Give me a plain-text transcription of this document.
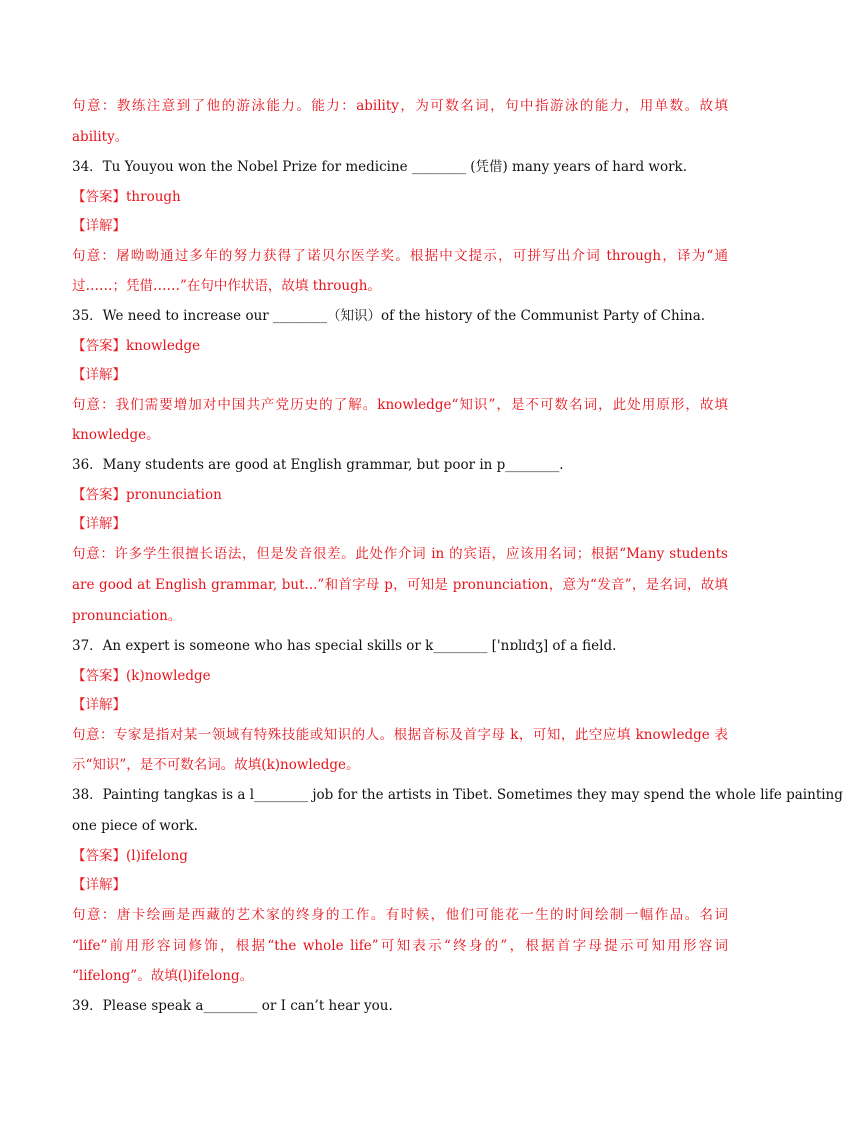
句意：教练注意到了他的游泳能力。能力：ability，为可数名词，句中指游泳的能力，用单数。故填
ability。
34．Tu Youyou won the Nobel Prize for medicine ________ (凭借) many years of hard work.
【答案】through
【详解】
句意：屠呦呦通过多年的努力获得了诺贝尔医学奖。根据中文提示，可拼写出介词 through，译为“通
过……；凭借……”在句中作状语，故填 through。
35．We need to increase our ________（知识）of the history of the Communist Party of China.
【答案】knowledge
【详解】
句意：我们需要增加对中国共产党历史的了解。knowledge“知识”，是不可数名词，此处用原形，故填
knowledge。
36．Many students are good at English grammar, but poor in p________.
【答案】pronunciation
【详解】
句意：许多学生很擅长语法，但是发音很差。此处作介词 in 的宾语，应该用名词；根据“Many students
are good at English grammar, but...”和首字母 p，可知是 pronunciation，意为“发音”，是名词，故填
pronunciation。
37．An expert is someone who has special skills or k________ ['nɒlɪdʒ] of a field.
【答案】(k)nowledge
【详解】
句意：专家是指对某一领域有特殊技能或知识的人。根据音标及首字母 k，可知，此空应填 knowledge 表
示“知识”，是不可数名词。故填(k)nowledge。
38．Painting tangkas is a l________ job for the artists in Tibet. Sometimes they may spend the whole life painting
one piece of work.
【答案】(l)ifelong
【详解】
句意：唐卡绘画是西藏的艺术家的终身的工作。有时候，他们可能花一生的时间绘制一幅作品。名词
“life”前用形容词修饰，根据“the whole life”可知表示“终身的”，根据首字母提示可知用形容词
“lifelong”。故填(l)ifelong。
39．Please speak a________ or I can’t hear you.
